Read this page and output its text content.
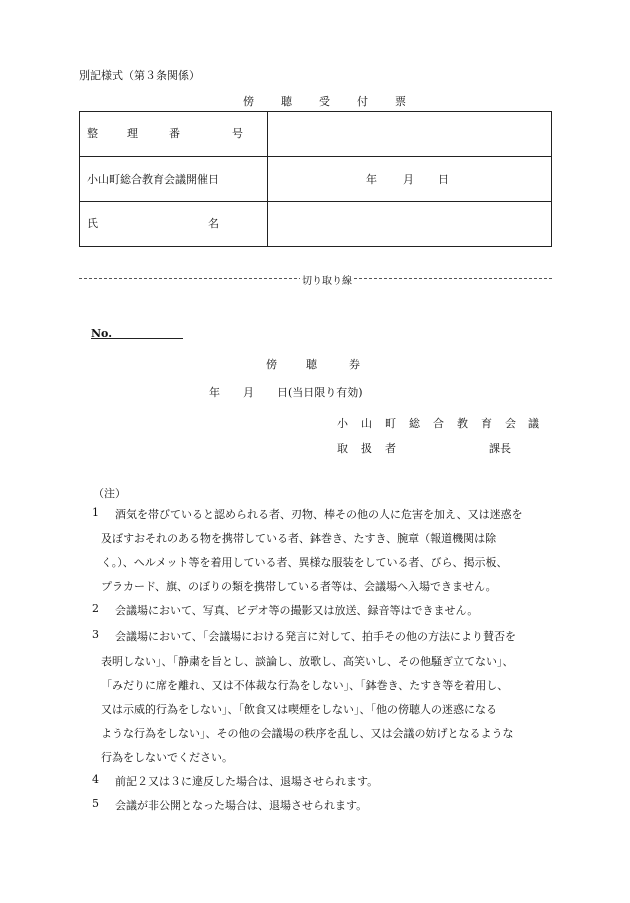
別記様式（第３条関係）
傍 聴 受 付 票
整 理 番 号	

小山町総合教育会議開催日	年 月 日

氏 名	

切り取り線
No.
傍	聴	券
年 月 日(当日限り有効)
小 山 町 総 合 教 育 会 議
取 扱 者	課長
（注）
1 酒気を帯びていると認められる者、刃物、棒その他の人に危害を加え、又は迷惑を
及ぼすおそれのある物を携帯している者、鉢巻き、たすき、腕章（報道機関は除
く。）、ヘルメット等を着用している者、異様な服装をしている者、びら、掲示板、
プラカード、旗、のぼりの類を携帯している者等は、会議場へ入場できません。
2 会議場において、写真、ビデオ等の撮影又は放送、録音等はできません。
3 会議場において、「会議場における発言に対して、拍手その他の方法により賛否を
表明しない」、「静粛を旨とし、談論し、放歌し、高笑いし、その他騒ぎ立てない」、
「みだりに席を離れ、又は不体裁な行為をしない」、「鉢巻き、たすき等を着用し、
又は示威的行為をしない」、「飲食又は喫煙をしない」、「他の傍聴人の迷惑になる
ような行為をしない」、その他の会議場の秩序を乱し、又は会議の妨げとなるような
行為をしないでください。
4 前記２又は３に違反した場合は、退場させられます。
5 会議が非公開となった場合は、退場させられます。
